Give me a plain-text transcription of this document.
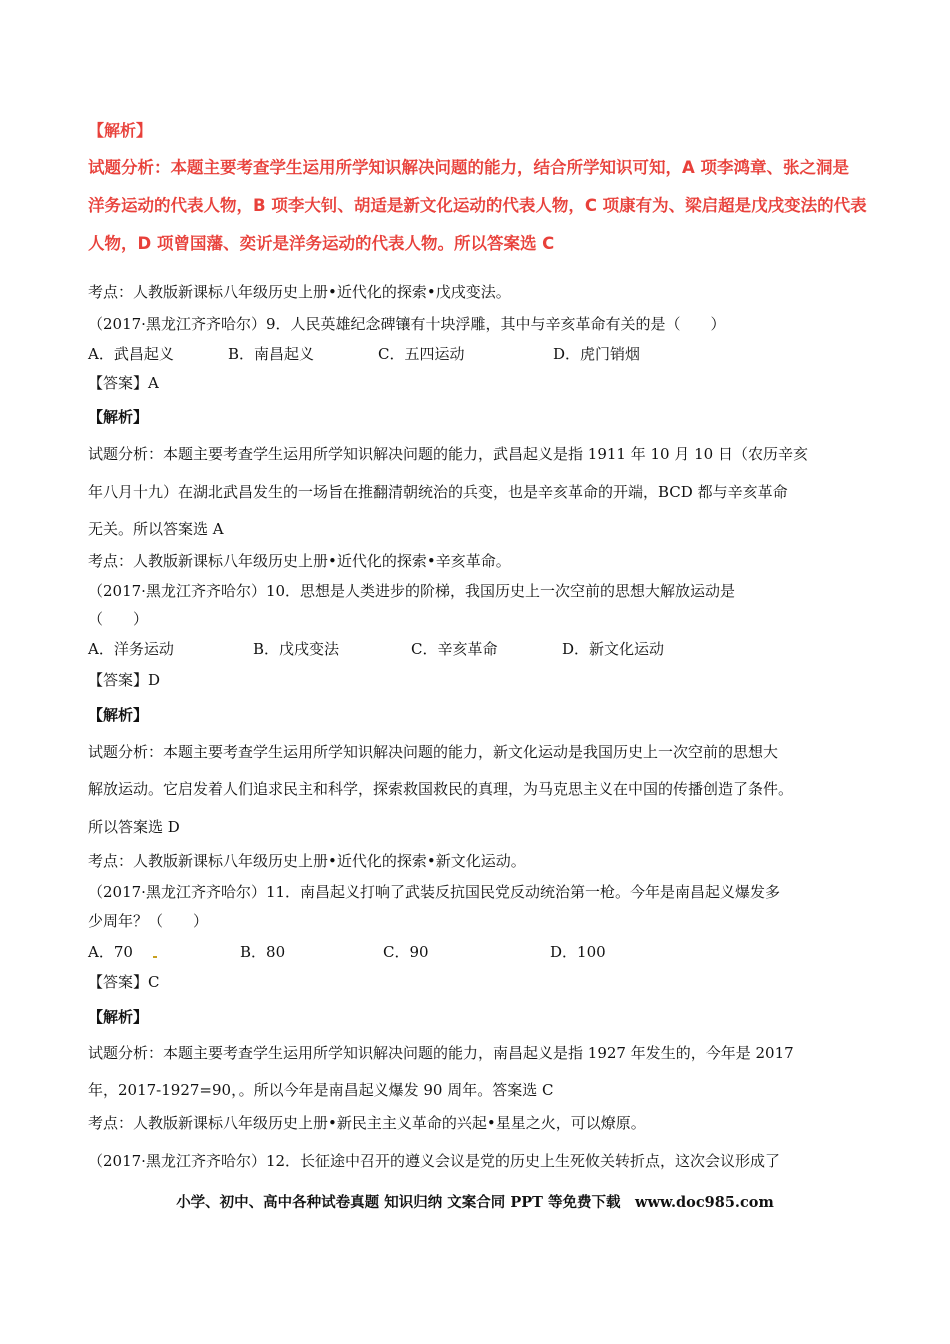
【解析】
试题分析：本题主要考查学生运用所学知识解决问题的能力，结合所学知识可知，A 项李鸿章、张之洞是
洋务运动的代表人物，B 项李大钊、胡适是新文化运动的代表人物，C 项康有为、梁启超是戊戌变法的代表
人物，D 项曾国藩、奕䜣是洋务运动的代表人物。所以答案选 C
考点：人教版新课标八年级历史上册•近代化的探索•戊戌变法。
（2017·黑龙江齐齐哈尔）9．人民英雄纪念碑镶有十块浮雕，其中与辛亥革命有关的是（　　）
A．武昌起义	B．南昌起义	C．五四运动	D．虎门销烟
【答案】A
【解析】
试题分析：本题主要考查学生运用所学知识解决问题的能力，武昌起义是指 1911 年 10 月 10 日（农历辛亥
年八月十九）在湖北武昌发生的一场旨在推翻清朝统治的兵变，也是辛亥革命的开端，BCD 都与辛亥革命
无关。所以答案选 A
考点：人教版新课标八年级历史上册•近代化的探索•辛亥革命。
（2017·黑龙江齐齐哈尔）10．思想是人类进步的阶梯，我国历史上一次空前的思想大解放运动是
（　　）
A．洋务运动	B．戊戌变法	C．辛亥革命	D．新文化运动
【答案】D
【解析】
试题分析：本题主要考查学生运用所学知识解决问题的能力，新文化运动是我国历史上一次空前的思想大
解放运动。它启发着人们追求民主和科学，探索救国救民的真理，为马克思主义在中国的传播创造了条件。
所以答案选 D
考点：人教版新课标八年级历史上册•近代化的探索•新文化运动。
（2017·黑龙江齐齐哈尔）11．南昌起义打响了武装反抗国民党反动统治第一枪。今年是南昌起义爆发多
少周年？（　　）
A．70	B．80	C．90	D．100
【答案】C
【解析】
试题分析：本题主要考查学生运用所学知识解决问题的能力，南昌起义是指 1927 年发生的，今年是 2017
年，2017-1927=90，。所以今年是南昌起义爆发 90 周年。答案选 C
考点：人教版新课标八年级历史上册•新民主主义革命的兴起•星星之火，可以燎原。
（2017·黑龙江齐齐哈尔）12．长征途中召开的遵义会议是党的历史上生死攸关转折点，这次会议形成了
小学、初中、高中各种试卷真题 知识归纳 文案合同 PPT 等免费下载　www.doc985.com
